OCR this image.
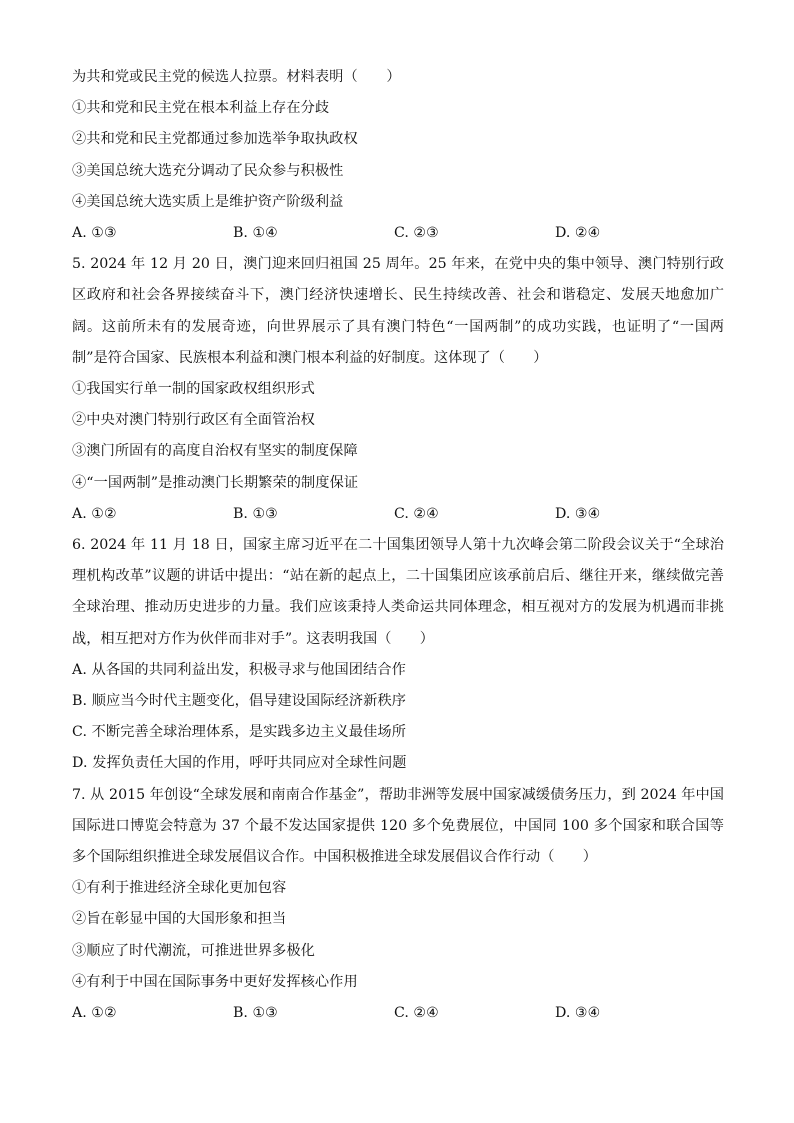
为共和党或民主党的候选人拉票。材料表明（　　）
①共和党和民主党在根本利益上存在分歧
②共和党和民主党都通过参加选举争取执政权
③美国总统大选充分调动了民众参与积极性
④美国总统大选实质上是维护资产阶级利益
A. ①③	B. ①④	C. ②③	D. ②④
5. 2024 年 12 月 20 日，澳门迎来回归祖国 25 周年。25 年来，在党中央的集中领导、澳门特别行政区政府和社会各界接续奋斗下，澳门经济快速增长、民生持续改善、社会和谐稳定、发展天地愈加广阔。这前所未有的发展奇迹，向世界展示了具有澳门特色“一国两制”的成功实践，也证明了“一国两制”是符合国家、民族根本利益和澳门根本利益的好制度。这体现了（　　）
①我国实行单一制的国家政权组织形式
②中央对澳门特别行政区有全面管治权
③澳门所固有的高度自治权有坚实的制度保障
④“一国两制”是推动澳门长期繁荣的制度保证
A. ①②	B. ①③	C. ②④	D. ③④
6. 2024 年 11 月 18 日，国家主席习近平在二十国集团领导人第十九次峰会第二阶段会议关于“全球治理机构改革”议题的讲话中提出：“站在新的起点上，二十国集团应该承前启后、继往开来，继续做完善全球治理、推动历史进步的力量。我们应该秉持人类命运共同体理念，相互视对方的发展为机遇而非挑战，相互把对方作为伙伴而非对手”。这表明我国（　　）
A. 从各国的共同利益出发，积极寻求与他国团结合作
B. 顺应当今时代主题变化，倡导建设国际经济新秩序
C. 不断完善全球治理体系，是实践多边主义最佳场所
D. 发挥负责任大国的作用，呼吁共同应对全球性问题
7. 从 2015 年创设“全球发展和南南合作基金”，帮助非洲等发展中国家减缓债务压力，到 2024 年中国国际进口博览会特意为 37 个最不发达国家提供 120 多个免费展位，中国同 100 多个国家和联合国等多个国际组织推进全球发展倡议合作。中国积极推进全球发展倡议合作行动（　　）
①有利于推进经济全球化更加包容
②旨在彰显中国的大国形象和担当
③顺应了时代潮流，可推进世界多极化
④有利于中国在国际事务中更好发挥核心作用
A. ①②	B. ①③	C. ②④	D. ③④
